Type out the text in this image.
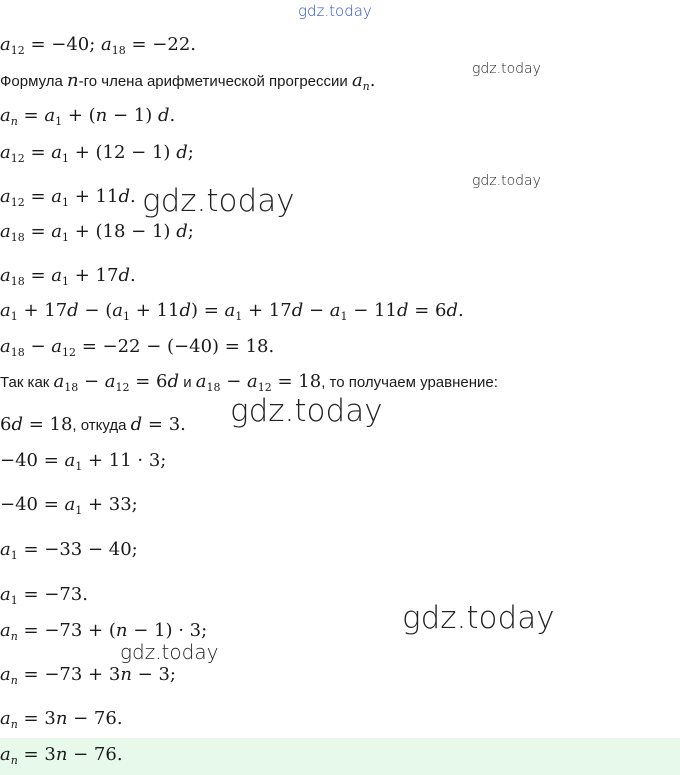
gdz.today
gdz.today
gdz.today
gdz.today
gdz.today
gdz.today
gdz.today
$a_{12} = -40$; $a_{18} = -22$.
Формула n-го члена арифметической прогрессии $a_n$.
$a_n = a_1 + (n - 1)$ d.
$a_{12} = a_1 + (12 - 1)$ d;
$a_{12} = a_1 + 11d$.
$a_{18} = a_1 + (18 - 1)$ d;
$a_{18} = a_1 + 17d$.
$a_1 + 17d - (a_1 + 11d) = a_1 + 17d - a_1 - 11d = 6d$.
$a_{18} - a_{12} = -22 - (-40) = 18$.
Так как $a_{18} - a_{12} = 6d$ и $a_{18} - a_{12} = 18$, то получаем уравнение:
6d = 18, откуда d = 3.
$-40 = a_1 + 11 \cdot 3$;
$-40 = a_1 + 33$;
$a_1 = -33 - 40$;
$a_1 = -73$.
$a_n = -73 + (n - 1) \cdot 3$;
$a_n = -73 + 3n - 3$;
$a_n = 3n - 76$.
$a_n = 3n - 76$.
